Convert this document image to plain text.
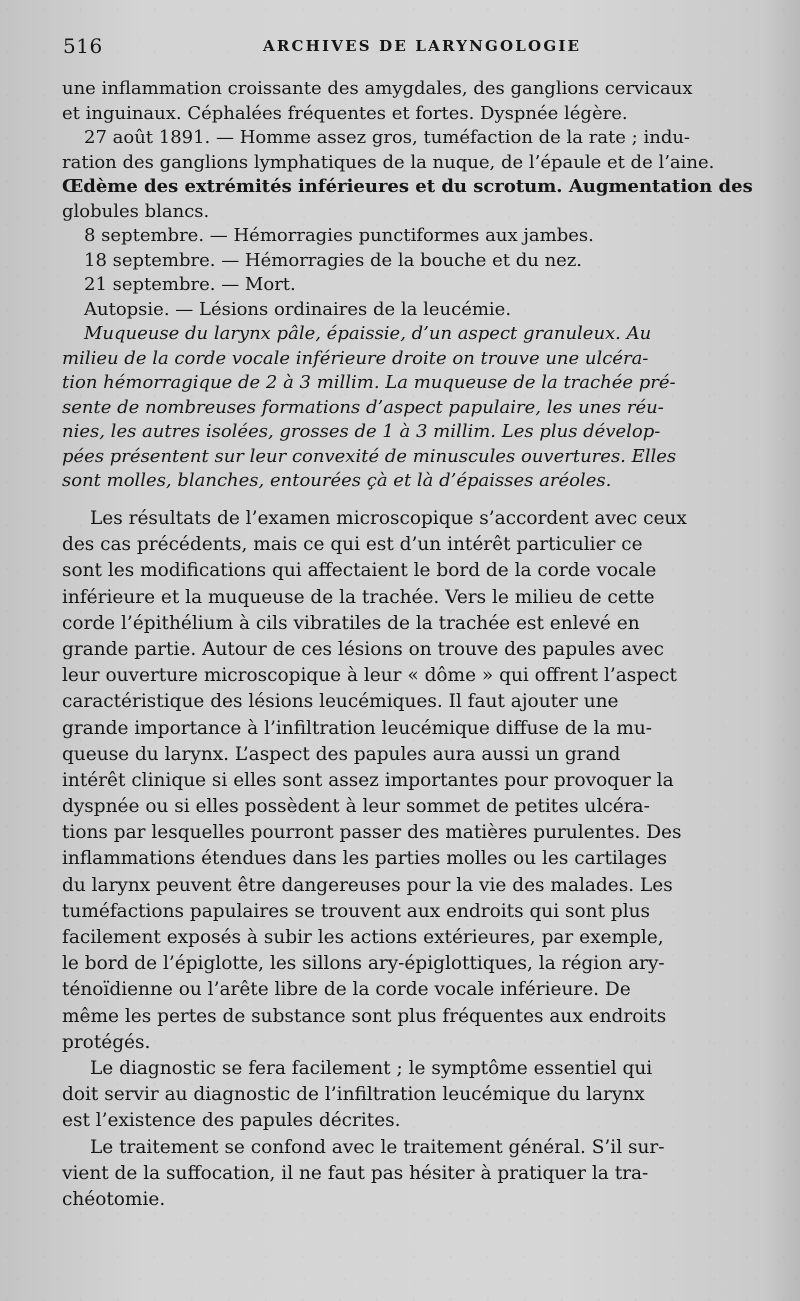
516	ARCHIVES DE LARYNGOLOGIE
une inflammation croissante des amygdales, des ganglions cervicaux
et inguinaux. Céphalées fréquentes et fortes. Dyspnée légère.
27 août 1891. — Homme assez gros, tuméfaction de la rate ; indu-
ration des ganglions lymphatiques de la nuque, de l’épaule et de l’aine.
Œdème des extrémités inférieures et du scrotum. Augmentation des
globules blancs.
8 septembre. — Hémorragies punctiformes aux jambes.
18 septembre. — Hémorragies de la bouche et du nez.
21 septembre. — Mort.
Autopsie. — Lésions ordinaires de la leucémie.
Muqueuse du larynx pâle, épaissie, d’un aspect granuleux. Au
milieu de la corde vocale inférieure droite on trouve une ulcéra-
tion hémorragique de 2 à 3 millim. La muqueuse de la trachée pré-
sente de nombreuses formations d’aspect papulaire, les unes réu-
nies, les autres isolées, grosses de 1 à 3 millim. Les plus dévelop-
pées présentent sur leur convexité de minuscules ouvertures. Elles
sont molles, blanches, entourées çà et là d’épaisses aréoles.
Les résultats de l’examen microscopique s’accordent avec ceux
des cas précédents, mais ce qui est d’un intérêt particulier ce
sont les modifications qui affectaient le bord de la corde vocale
inférieure et la muqueuse de la trachée. Vers le milieu de cette
corde l’épithélium à cils vibratiles de la trachée est enlevé en
grande partie. Autour de ces lésions on trouve des papules avec
leur ouverture microscopique à leur « dôme » qui offrent l’aspect
caractéristique des lésions leucémiques. Il faut ajouter une
grande importance à l’infiltration leucémique diffuse de la mu-
queuse du larynx. L’aspect des papules aura aussi un grand
intérêt clinique si elles sont assez importantes pour provoquer la
dyspnée ou si elles possèdent à leur sommet de petites ulcéra-
tions par lesquelles pourront passer des matières purulentes. Des
inflammations étendues dans les parties molles ou les cartilages
du larynx peuvent être dangereuses pour la vie des malades. Les
tuméfactions papulaires se trouvent aux endroits qui sont plus
facilement exposés à subir les actions extérieures, par exemple,
le bord de l’épiglotte, les sillons ary-épiglottiques, la région ary-
ténoïdienne ou l’arête libre de la corde vocale inférieure. De
même les pertes de substance sont plus fréquentes aux endroits
protégés.
Le diagnostic se fera facilement ; le symptôme essentiel qui
doit servir au diagnostic de l’infiltration leucémique du larynx
est l’existence des papules décrites.
Le traitement se confond avec le traitement général. S’il sur-
vient de la suffocation, il ne faut pas hésiter à pratiquer la tra-
chéotomie.
